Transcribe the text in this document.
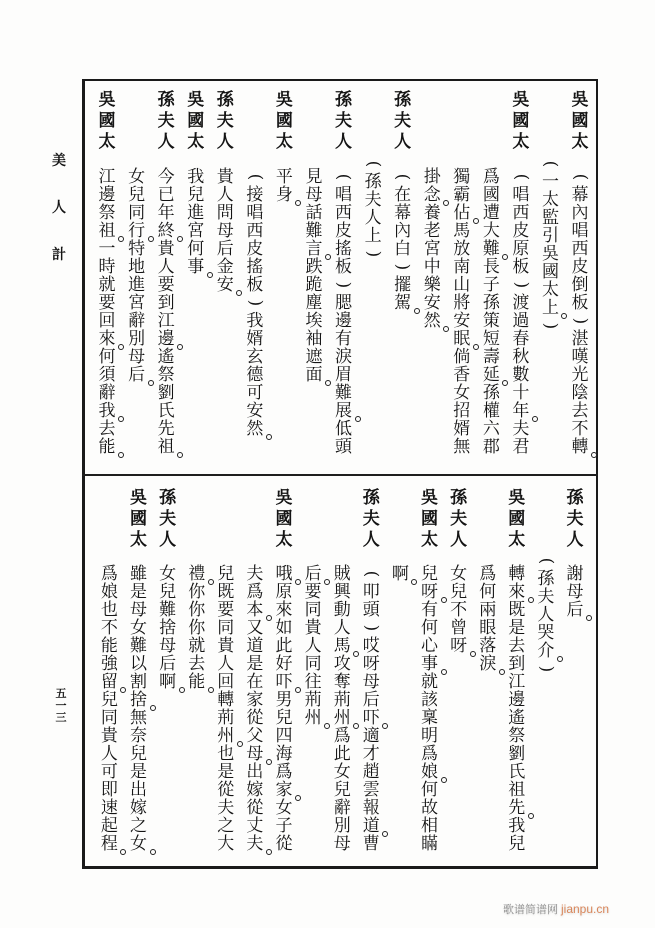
美
人
計
五
一
三
吳
國
太
(
幕
內
唱
西
皮
倒
板
)
湛
嘆
光
陰
去
不
轉
(
一
太
監
引
吳
國
太
上
)
吳
國
太
(
唱
西
皮
原
板
)
渡
過
春
秋
數
十
年
夫
君
爲
國
遭
大
難
長
子
孫
策
短
壽
延
孫
權
六
郡
獨
霸
佔
馬
放
南
山
將
安
眠
倘
香
女
招
婿
無
掛
念
養
老
宮
中
樂
安
然
孫
夫
人
(
在
幕
內
白
)
擺
駕
(
孫
夫
人
上
)
孫
夫
人
(
唱
西
皮
搖
板
)
腮
邊
有
淚
眉
難
展
低
頭
見
母
話
難
言
跌
跪
塵
埃
袖
遮
面
吳
國
太
平
身
(
接
唱
西
皮
搖
板
)
我
婿
玄
德
可
安
然
孫
夫
人
貴
人
問
母
后
金
安
吳
國
太
我
兒
進
宮
何
事
孫
夫
人
今
已
年
終
貴
人
要
到
江
邊
遙
祭
劉
氏
先
祖
女
兒
同
行
特
地
進
宮
辭
別
母
后
吳
國
太
江
邊
祭
祖
一
時
就
要
回
來
何
須
辭
我
去
能
孫
夫
人
謝
母
后
(
孫
夫
人
哭
介
)
吳
國
太
轉
來
既
是
去
到
江
邊
遙
祭
劉
氏
祖
先
我
兒
爲
何
兩
眼
落
淚
孫
夫
人
女
兒
不
曾
呀
吳
國
太
兒
呀
有
何
心
事
就
該
稟
明
爲
娘
何
故
相
瞞
啊
孫
夫
人
(
叩
頭
)
哎
呀
母
后
吓
適
才
趙
雲
報
道
曹
賊
興
動
人
馬
攻
奪
荊
州
爲
此
女
兒
辭
別
母
后
要
同
貴
人
同
往
荊
州
吳
國
太
哦
原
來
如
此
好
吓
男
兒
四
海
爲
家
女
子
從
夫
爲
本
又
道
是
在
家
從
父
母
出
嫁
從
丈
夫
兒
既
要
同
貴
人
回
轉
荊
州
也
是
從
夫
之
大
禮
你
你
你
就
去
能
孫
夫
人
女
兒
難
捨
母
后
啊
吳
國
太
雖
是
母
女
難
以
割
捨
無
奈
兒
是
出
嫁
之
女
爲
娘
也
不
能
強
留
兒
同
貴
人
可
即
速
起
程
歌谱简谱网 jianpu.cn
